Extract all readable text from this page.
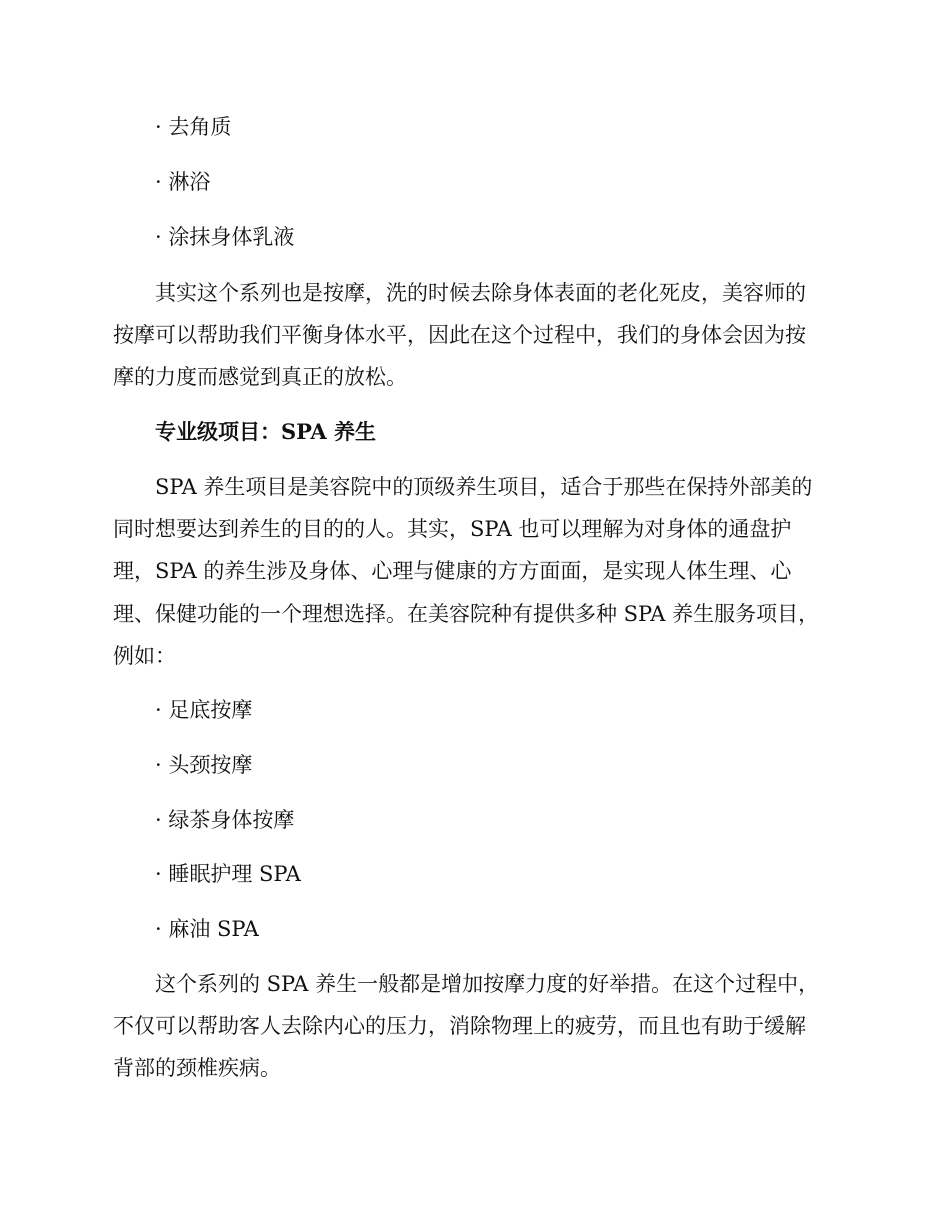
· 去角质
· 淋浴
· 涂抹身体乳液
其实这个系列也是按摩，洗的时候去除身体表面的老化死皮，美容师的
按摩可以帮助我们平衡身体水平，因此在这个过程中，我们的身体会因为按
摩的力度而感觉到真正的放松。
专业级项目：SPA 养生
SPA 养生项目是美容院中的顶级养生项目，适合于那些在保持外部美的
同时想要达到养生的目的的人。其实，SPA 也可以理解为对身体的通盘护
理，SPA 的养生涉及身体、心理与健康的方方面面，是实现人体生理、心
理、保健功能的一个理想选择。在美容院种有提供多种 SPA 养生服务项目，
例如：
· 足底按摩
· 头颈按摩
· 绿茶身体按摩
· 睡眠护理 SPA
· 麻油 SPA
这个系列的 SPA 养生一般都是增加按摩力度的好举措。在这个过程中，
不仅可以帮助客人去除内心的压力，消除物理上的疲劳，而且也有助于缓解
背部的颈椎疾病。
